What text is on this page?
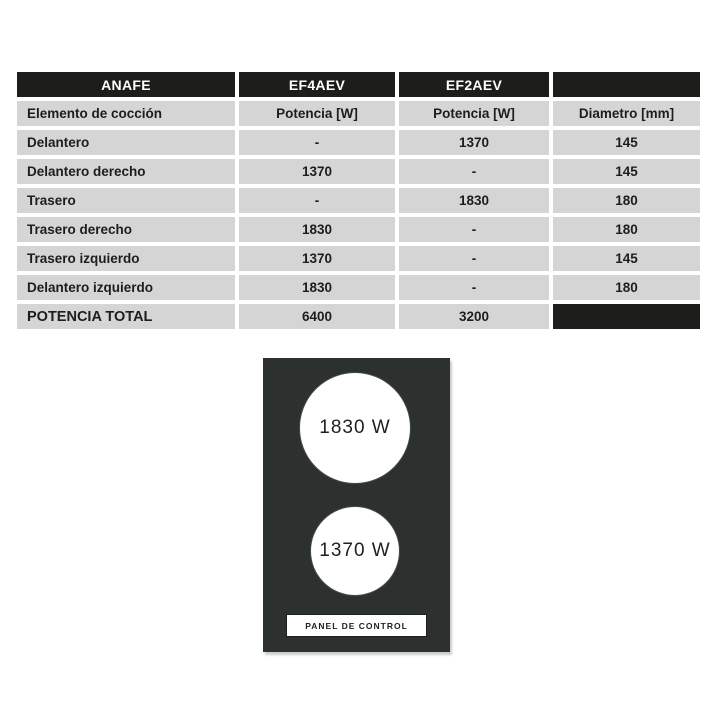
ANAFE	EF4AEV	EF2AEV
Elemento de cocción	Potencia [W]	Potencia [W]	Diametro [mm]
Delantero	-	1370	145
Delantero derecho	1370	-	145
Trasero	-	1830	180
Trasero derecho	1830	-	180
Trasero izquierdo	1370	-	145
Delantero izquierdo	1830	-	180
POTENCIA TOTAL	6400	3200
1830 W
1370 W
PANEL DE CONTROL
